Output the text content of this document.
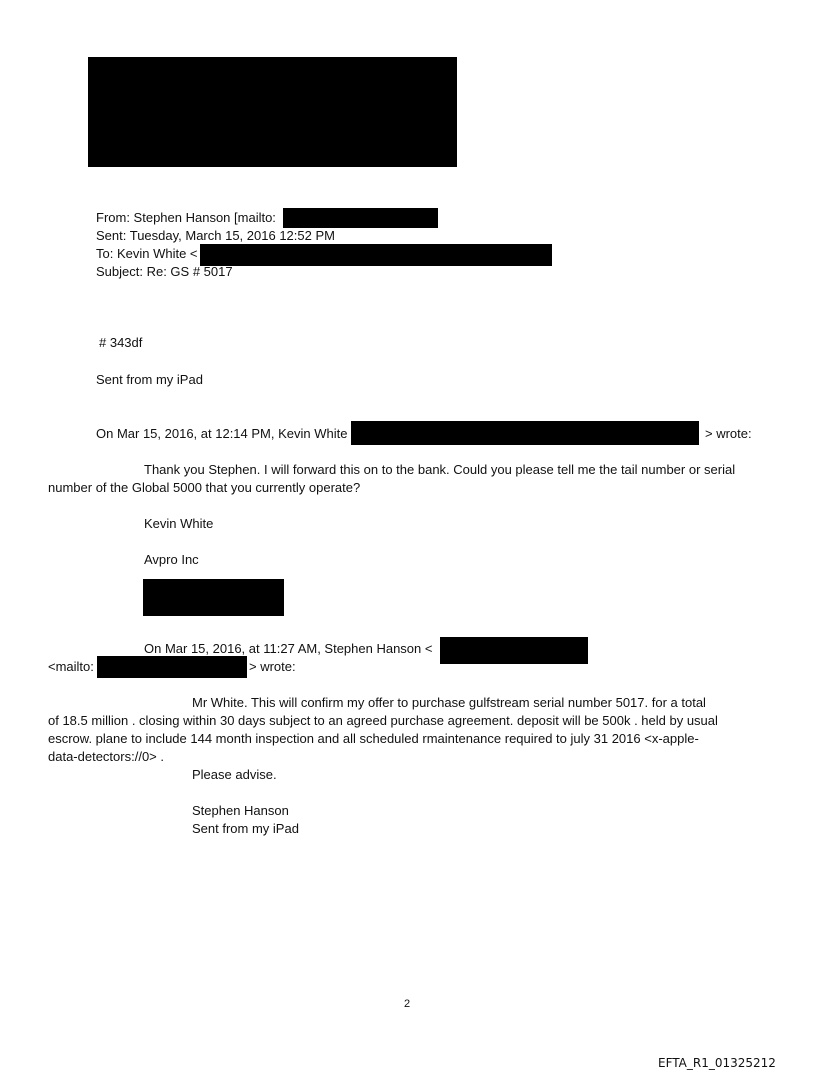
From: Stephen Hanson [mailto:
Sent: Tuesday, March 15, 2016 12:52 PM
To: Kevin White <
Subject: Re: GS # 5017
# 343df
Sent from my iPad
On Mar 15, 2016, at 12:14 PM, Kevin White	> wrote:
Thank you Stephen. I will forward this on to the bank. Could you please tell me the tail number or serial
number of the Global 5000 that you currently operate?
Kevin White
Avpro Inc
On Mar 15, 2016, at 11:27 AM, Stephen Hanson <
<mailto:	> wrote:
Mr White. This will confirm my offer to purchase gulfstream serial number 5017. for a total
of 18.5 million . closing within 30 days subject to an agreed purchase agreement. deposit will be 500k . held by usual
escrow. plane to include 144 month inspection and all scheduled rmaintenance required to july 31 2016 <x-apple-
data-detectors://0> .
Please advise.
Stephen Hanson
Sent from my iPad
2
EFTA_R1_01325212
